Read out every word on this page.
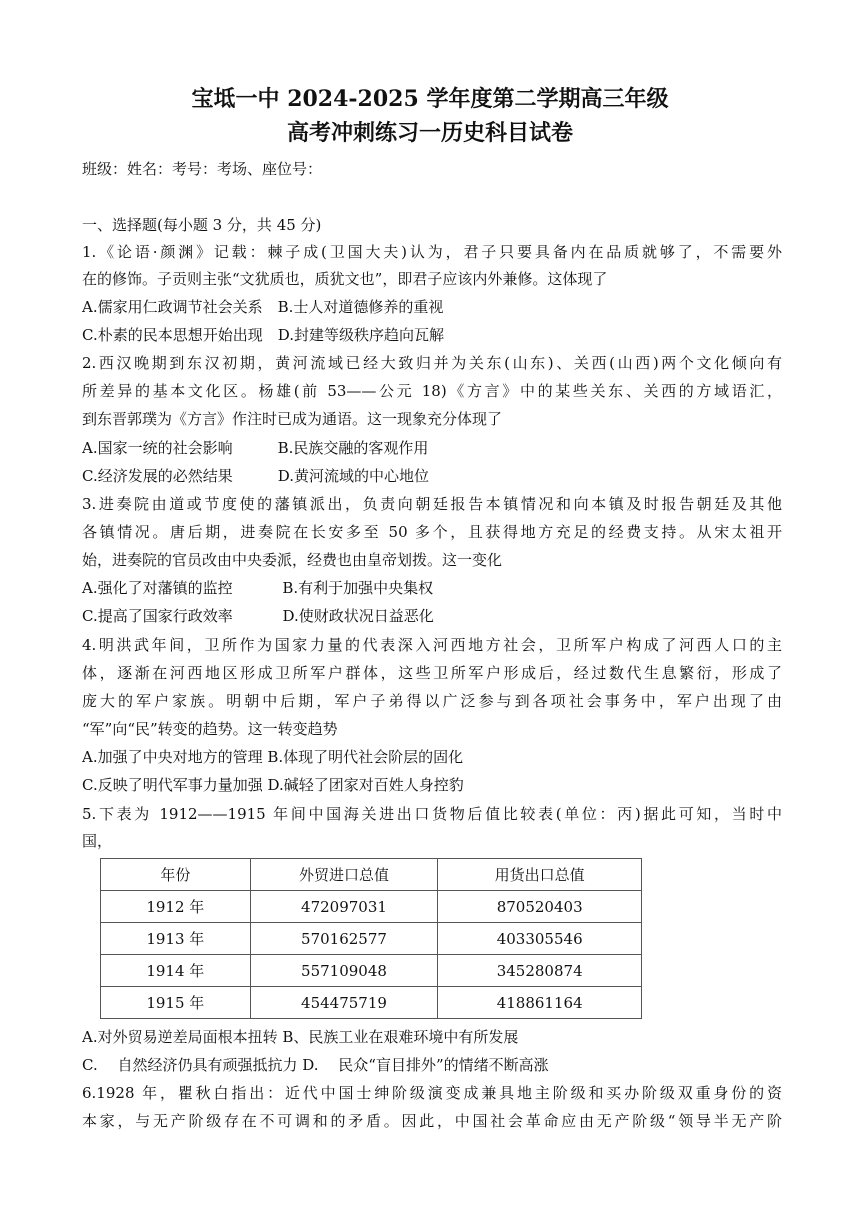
宝坻一中 2024-2025 学年度第二学期高三年级
高考冲刺练习一历史科目试卷
班级：姓名：考号：考场、座位号：
一、选择题(每小题 3 分，共 45 分)
1.《论语·颜渊》记载：棘子成(卫国大夫)认为，君子只要具备内在品质就够了，不需要外
在的修饰。子贡则主张“文犹质也，质犹文也”，即君子应该内外兼修。这体现了
A.儒家用仁政调节社会关系　B.士人对道德修养的重视
C.朴素的民本思想开始出现　D.封建等级秩序趋向瓦解
2.西汉晚期到东汉初期，黄河流域已经大致归并为关东(山东)、关西(山西)两个文化倾向有
所差异的基本文化区。杨雄(前 53——公元 18)《方言》中的某些关东、关西的方域语汇，
到东晋郭璞为《方言》作注时已成为通语。这一现象充分体现了
A.国家一统的社会影响　　　B.民族交融的客观作用
C.经济发展的必然结果　　　D.黄河流域的中心地位
3.进奏院由道或节度使的藩镇派出，负责向朝廷报告本镇情况和向本镇及时报告朝廷及其他
各镇情况。唐后期，进奏院在长安多至 50 多个，且获得地方充足的经费支持。从宋太祖开
始，进奏院的官员改由中央委派，经费也由皇帝划拨。这一变化
A.强化了对藩镇的监控　　　 B.有利于加强中央集权
C.提高了国家行政效率　　　 D.使财政状况日益恶化
4.明洪武年间，卫所作为国家力量的代表深入河西地方社会，卫所军户构成了河西人口的主
体，逐渐在河西地区形成卫所军户群体，这些卫所军户形成后，经过数代生息繁衍，形成了
庞大的军户家族。明朝中后期，军户子弟得以广泛参与到各项社会事务中，军户出现了由
“军”向“民”转变的趋势。这一转变趋势
A.加强了中央对地方的管理 B.体现了明代社会阶层的固化
C.反映了明代军事力量加强 D.碱轻了团家对百姓人身控豹
5.下表为 1912——1915 年间中国海关进出口货物后值比较表(单位：丙)据此可知，当时中
国，
年份	外贸进口总值	用货出口总值
1912 年	472097031	870520403
1913 年	570162577	403305546
1914 年	557109048	345280874
1915 年	454475719	418861164
A.对外贸易逆差局面根本扭转 B、民族工业在艰难环境中有所发展
C.　 自然经济仍具有顽强抵抗力 D.　 民众“盲目排外”的情绪不断高涨
6.1928 年，瞿秋白指出：近代中国士绅阶级演变成兼具地主阶级和买办阶级双重身份的资
本家，与无产阶级存在不可调和的矛盾。因此，中国社会革命应由无产阶级“领导半无产阶
